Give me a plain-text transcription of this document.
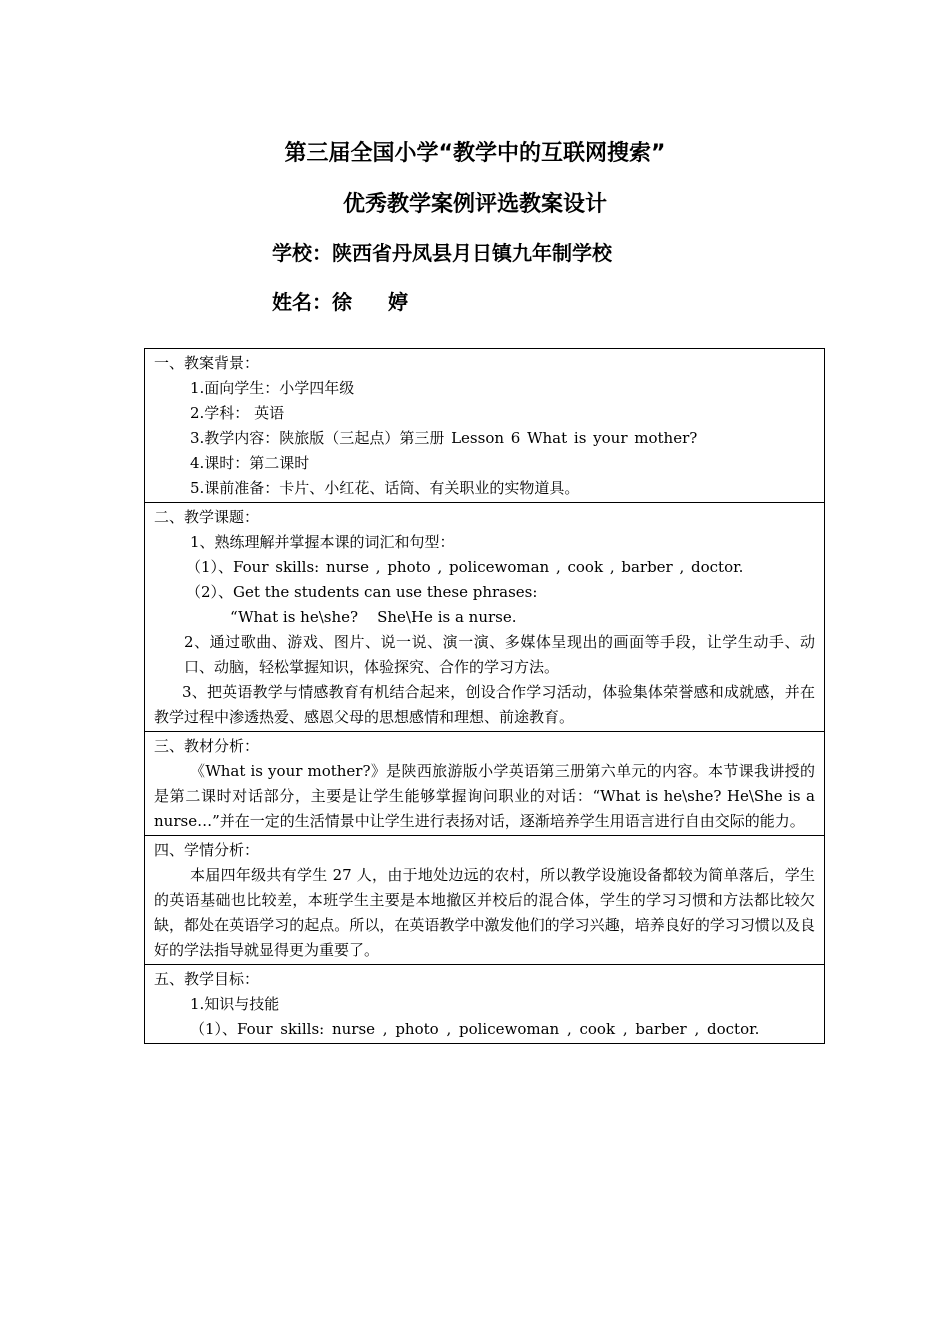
第三届全国小学“教学中的互联网搜索”
优秀教学案例评选教案设计
学校：陕西省丹凤县月日镇九年制学校
姓名：徐 婷
一、教案背景：
1.面向学生：小学四年级
2.学科： 英语
3.教学内容：陕旅版（三起点）第三册 Lesson 6 What is your mother?
4.课时：第二课时
5.课前准备：卡片、小红花、话筒、有关职业的实物道具。

二、教学课题：
1、熟练理解并掌握本课的词汇和句型：
（1）、Four skills: nurse , photo , policewoman , cook , barber , doctor.
（2）、Get the students can use these phrases:
“What is he\she?    She\He is a nurse.
2、通过歌曲、游戏、图片、说一说、演一演、多媒体呈现出的画面等手段，让学生动手、动口、动脑，轻松掌握知识，体验探究、合作的学习方法。
3、把英语教学与情感教育有机结合起来，创设合作学习活动，体验集体荣誉感和成就感，并在教学过程中渗透热爱、感恩父母的思想感情和理想、前途教育。

三、教材分析：
《What is your mother?》是陕西旅游版小学英语第三册第六单元的内容。本节课我讲授的是第二课时对话部分，主要是让学生能够掌握询问职业的对话：“What is he\she? He\She is a nurse…”并在一定的生活情景中让学生进行表扬对话，逐渐培养学生用语言进行自由交际的能力。

四、学情分析：
本届四年级共有学生 27 人，由于地处边远的农村，所以教学设施设备都较为简单落后，学生的英语基础也比较差，本班学生主要是本地撤区并校后的混合体，学生的学习习惯和方法都比较欠缺，都处在英语学习的起点。所以，在英语教学中激发他们的学习兴趣，培养良好的学习习惯以及良好的学法指导就显得更为重要了。

五、教学目标：
1.知识与技能
（1）、Four skills: nurse , photo , policewoman , cook , barber , doctor.
